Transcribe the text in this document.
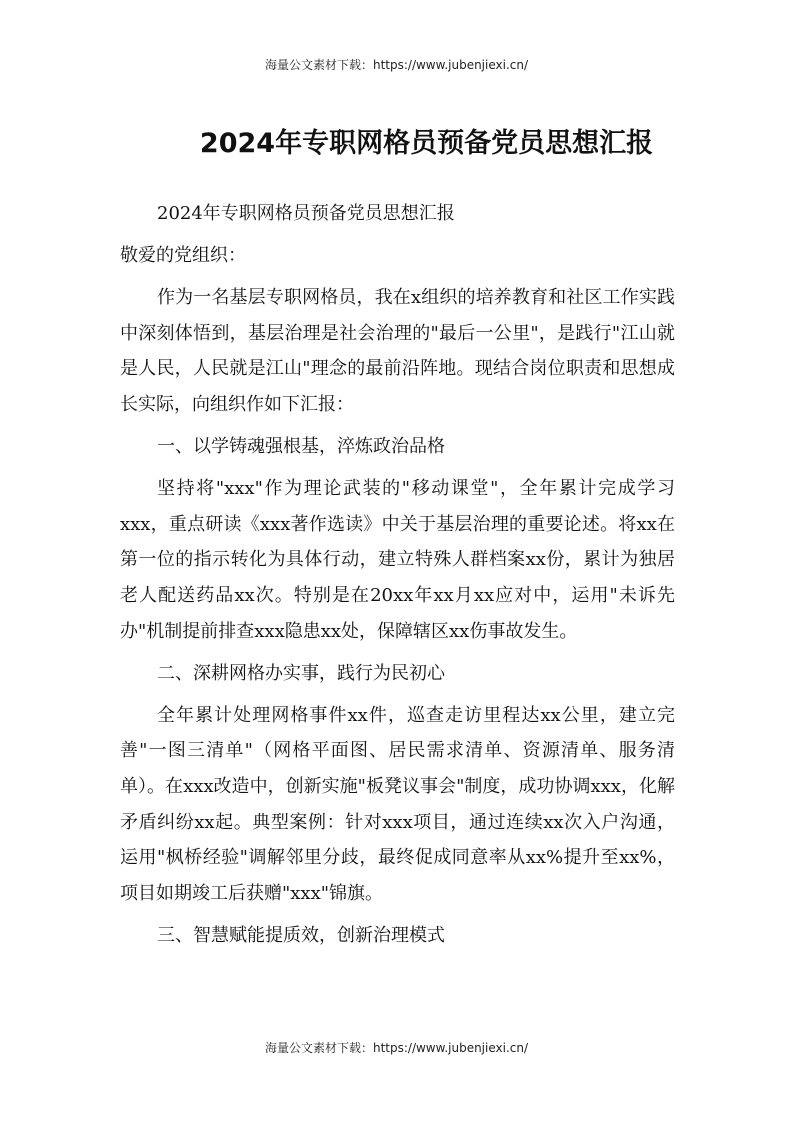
海量公文素材下载：https://www.jubenjiexi.cn/
2024年专职网格员预备党员思想汇报

2024年专职网格员预备党员思想汇报

敬爱的党组织：

作为一名基层专职网格员，我在x组织的培养教育和社区工作实践中深刻体悟到，基层治理是社会治理的"最后一公里"，是践行"江山就是人民，人民就是江山"理念的最前沿阵地。现结合岗位职责和思想成长实际，向组织作如下汇报：

一、以学铸魂强根基，淬炼政治品格

坚持将"xxx"作为理论武装的"移动课堂"，全年累计完成学习xxx，重点研读《xxx著作选读》中关于基层治理的重要论述。将xx在第一位的指示转化为具体行动，建立特殊人群档案xx份，累计为独居老人配送药品xx次。特别是在20xx年xx月xx应对中，运用"未诉先办"机制提前排查xxx隐患xx处，保障辖区xx伤事故发生。

二、深耕网格办实事，践行为民初心

全年累计处理网格事件xx件，巡查走访里程达xx公里，建立完善"一图三清单"（网格平面图、居民需求清单、资源清单、服务清单）。在xxx改造中，创新实施"板凳议事会"制度，成功协调xxx，化解矛盾纠纷xx起。典型案例：针对xxx项目，通过连续xx次入户沟通，运用"枫桥经验"调解邻里分歧，最终促成同意率从xx%提升至xx%，项目如期竣工后获赠"xxx"锦旗。

三、智慧赋能提质效，创新治理模式

海量公文素材下载：https://www.jubenjiexi.cn/
